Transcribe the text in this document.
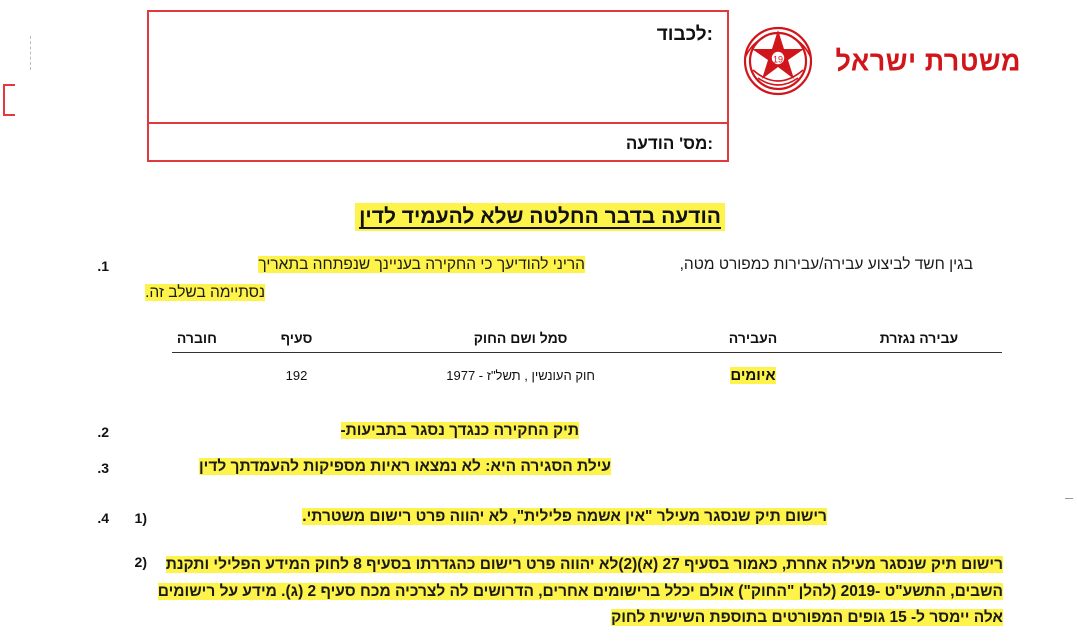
משטרת ישראל
19
:לכבוד
:מס' הודעה
הודעה בדבר החלטה שלא להעמיד לדין
1.	הריני להודיעך כי החקירה בעניינך שנפתחה בתאריך	בגין חשד לביצוע עבירה/עבירות כמפורט מטה,
נסתיימה בשלב זה.
עבירה נגזרת	העבירה	סמל ושם החוק	סעיף	חוברה
	איומים	חוק העונשין , תשל"ז - 1977	192	
2.	תיק החקירה כנגדך נסגר בתביעות-
3.	עילת הסגירה היא: לא נמצאו ראיות מספיקות להעמדתך לדין
4. (1	רישום תיק שנסגר מעילר "אין אשמה פלילית", לא יהווה פרט רישום משטרתי.
(2	רישום תיק שנסגר מעילה אחרת, כאמור בסעיף 27 (א)(2)לא יהווה פרט רישום כהגדרתו בסעיף 8 לחוק המידע הפלילי ותקנת השבים, התשע"ט -2019 (להלן "החוק") אולם יכלל ברישומים אחרים, הדרושים לה לצרכיה מכח סעיף 2 (ג). מידע על רישומים אלה יימסר ל- 15 גופים המפורטים בתוספת השישית לחוק
